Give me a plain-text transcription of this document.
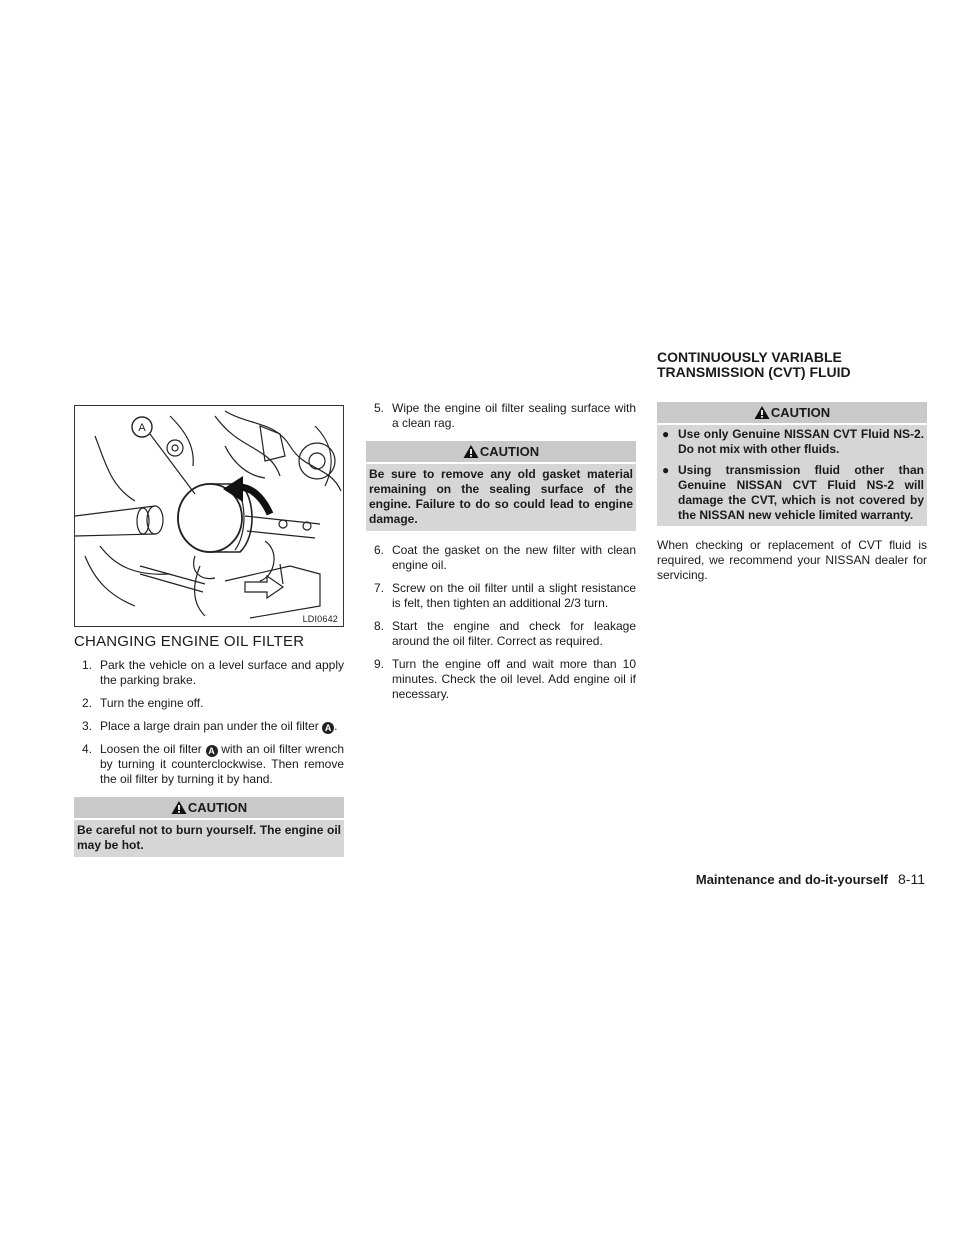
A
LDI0642
CHANGING ENGINE OIL FILTER
1. Park the vehicle on a level surface and apply the parking brake.
2. Turn the engine off.
3. Place a large drain pan under the oil filter A .
4. Loosen the oil filter A with an oil filter wrench by turning it counterclockwise. Then remove the oil filter by turning it by hand.
CAUTION
Be careful not to burn yourself. The engine oil may be hot.
5. Wipe the engine oil filter sealing surface with a clean rag.
CAUTION
Be sure to remove any old gasket material remaining on the sealing surface of the engine. Failure to do so could lead to engine damage.
6. Coat the gasket on the new filter with clean engine oil.
7. Screw on the oil filter until a slight resistance is felt, then tighten an additional 2/3 turn.
8. Start the engine and check for leakage around the oil filter. Correct as required.
9. Turn the engine off and wait more than 10 minutes. Check the oil level. Add engine oil if necessary.
CONTINUOUSLY VARIABLE
TRANSMISSION (CVT) FLUID
CAUTION
● Use only Genuine NISSAN CVT Fluid NS-2. Do not mix with other fluids.
● Using transmission fluid other than Genuine NISSAN CVT Fluid NS-2 will damage the CVT, which is not covered by the NISSAN new vehicle limited warranty.

When checking or replacement of CVT fluid is required, we recommend your NISSAN dealer for servicing.

Maintenance and do-it-yourself 8-11
